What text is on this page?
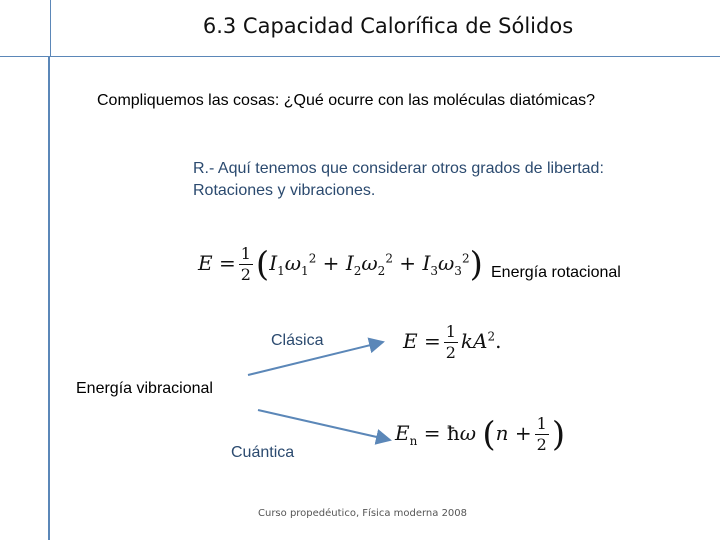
6.3 Capacidad Calorífica de Sólidos
Compliquemos las cosas: ¿Qué ocurre con las moléculas diatómicas?
R.- Aquí tenemos que considerar otros grados de libertad:
Rotaciones y vibraciones.
$E = \frac{1}{2} (I_1\omega_1^2 + I_2\omega_2^2 + I_3\omega_3^2)$ Energía rotacional
$E = \frac{1}{2} kA^2$.
$E_n$ = ħω ($n + \frac{1}{2}$ )
Clásica
Energía vibracional
Cuántica
Curso propedéutico, Física moderna 2008
